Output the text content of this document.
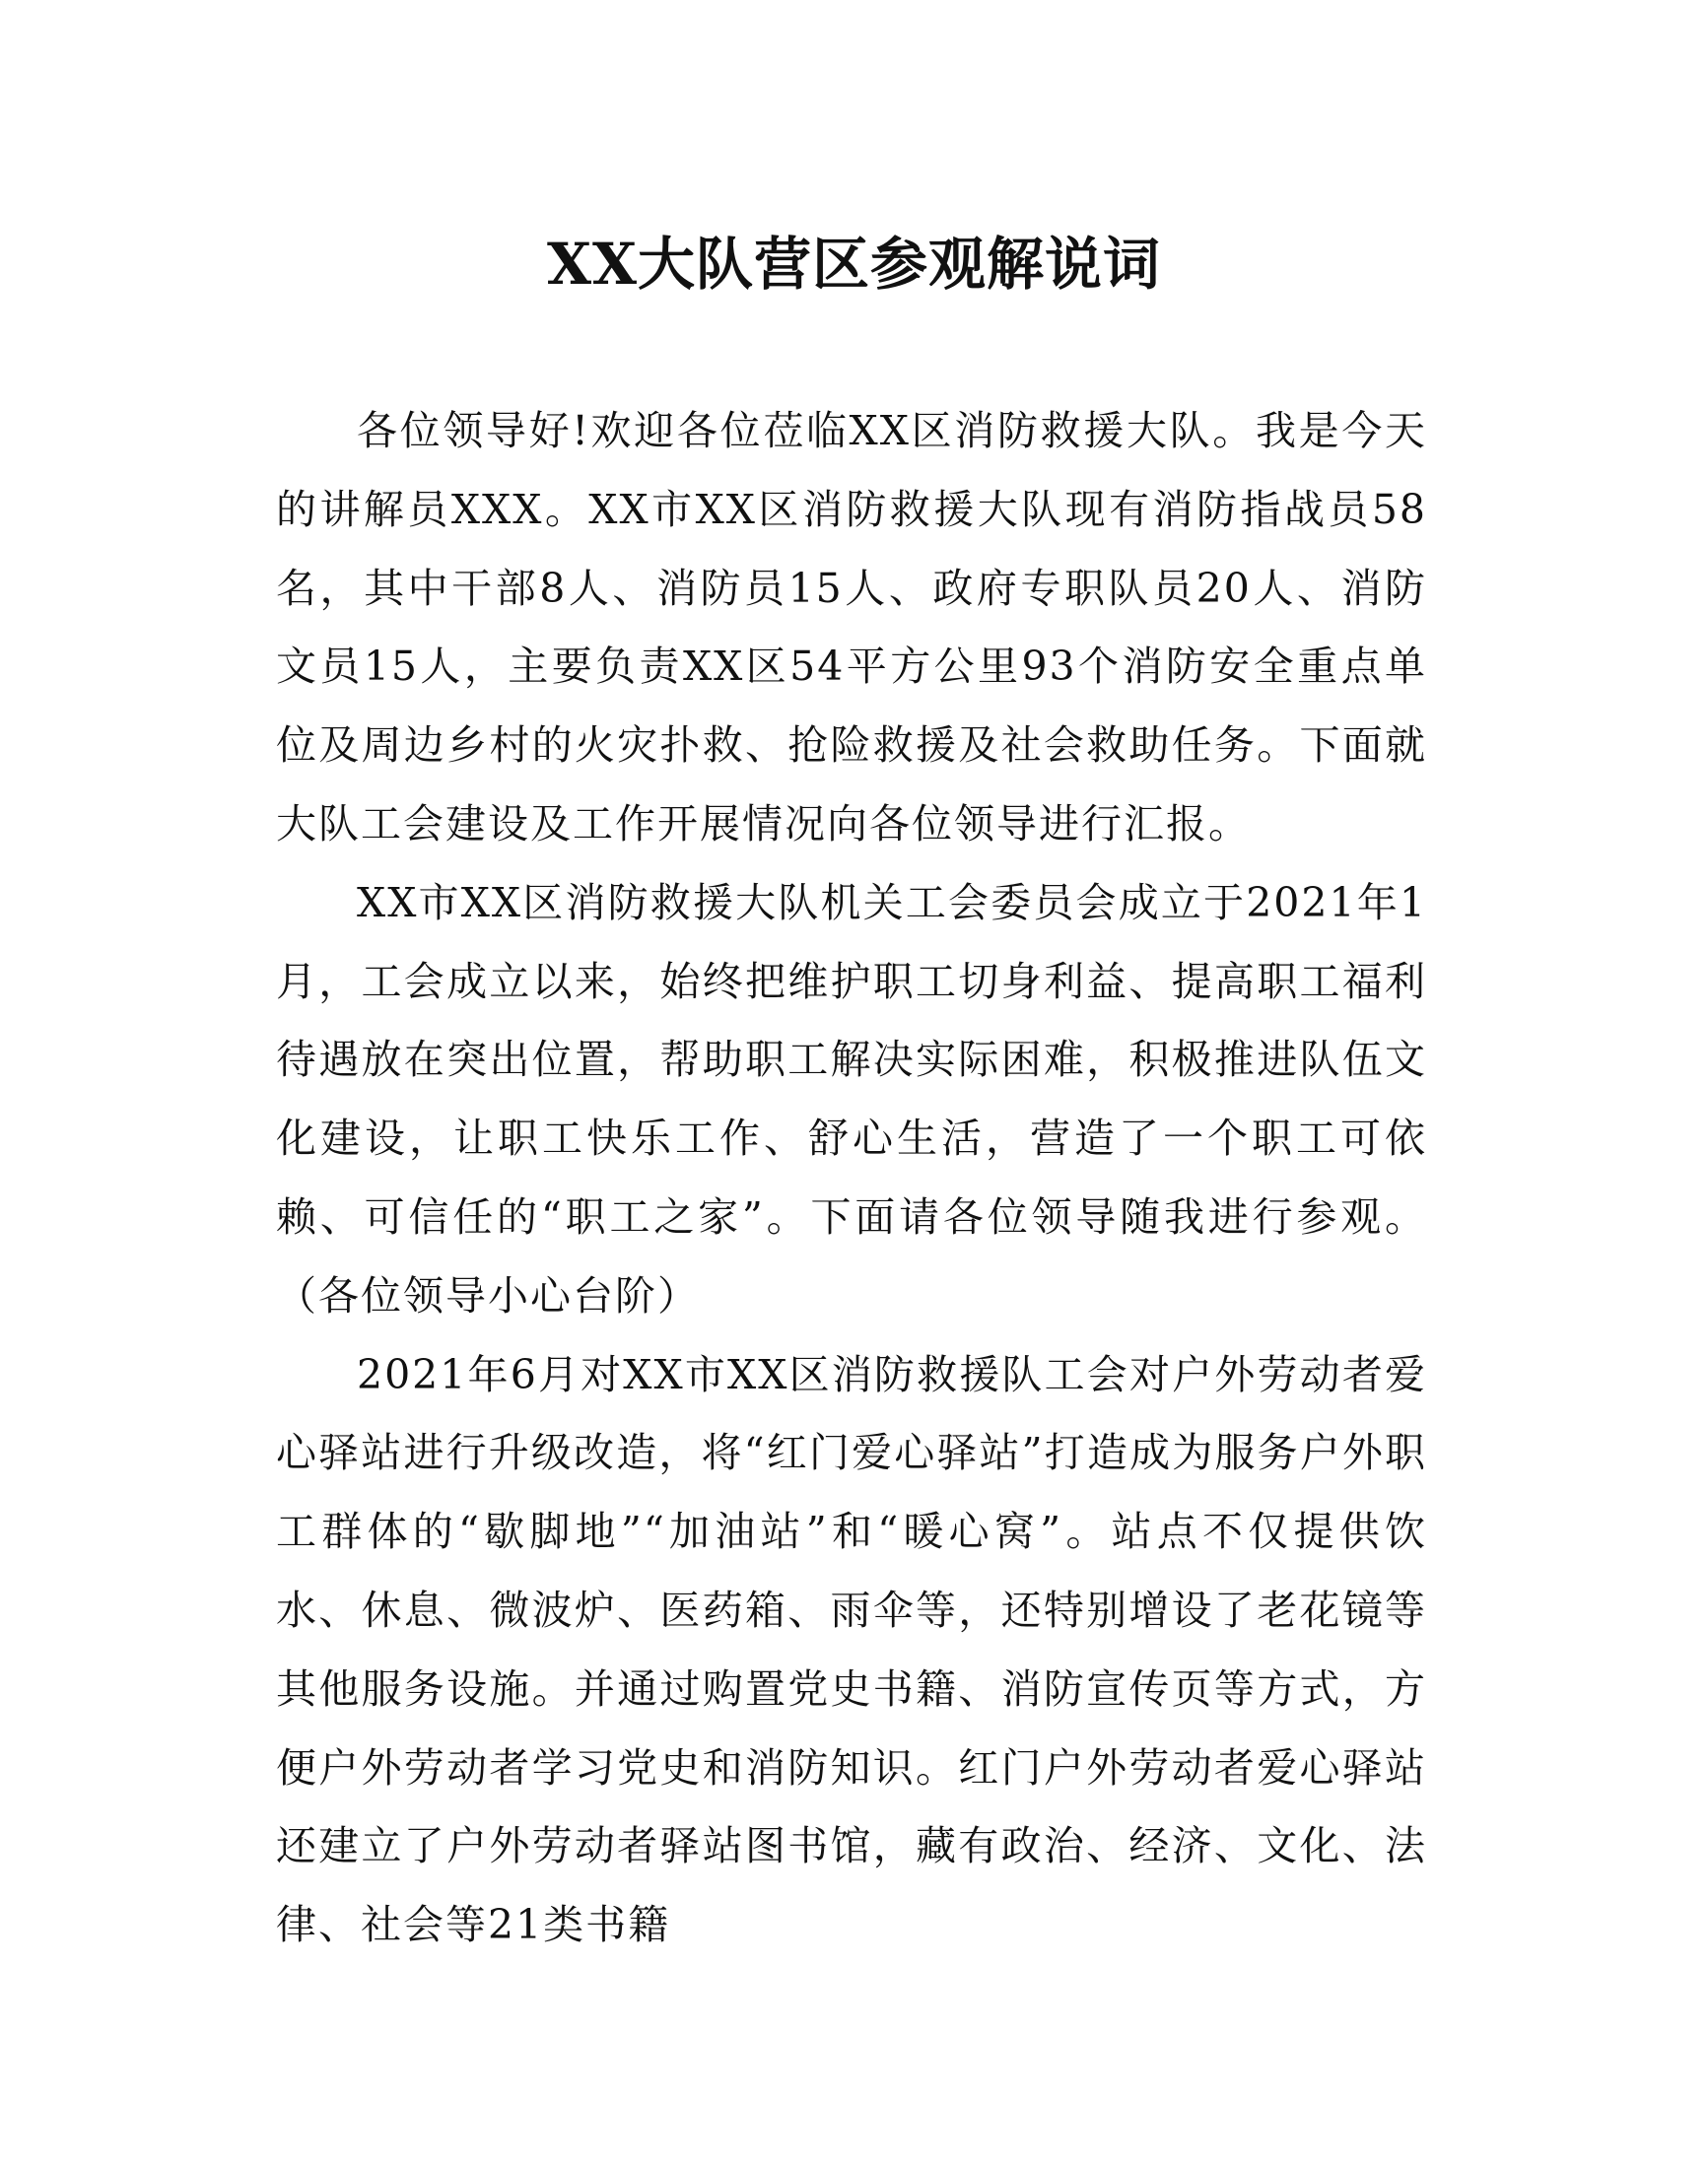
XX大队营区参观解说词

各位领导好!欢迎各位莅临XX区消防救援大队。我是今天的讲解员XXX。XX市XX区消防救援大队现有消防指战员58名，其中干部8人、消防员15人、政府专职队员20人、消防文员15人，主要负责XX区54平方公里93个消防安全重点单位及周边乡村的火灾扑救、抢险救援及社会救助任务。下面就大队工会建设及工作开展情况向各位领导进行汇报。

XX市XX区消防救援大队机关工会委员会成立于2021年1月，工会成立以来，始终把维护职工切身利益、提高职工福利待遇放在突出位置，帮助职工解决实际困难，积极推进队伍文化建设，让职工快乐工作、舒心生活，营造了一个职工可依赖、可信任的“职工之家”。下面请各位领导随我进行参观。（各位领导小心台阶）

2021年6月对XX市XX区消防救援队工会对户外劳动者爱心驿站进行升级改造，将“红门爱心驿站”打造成为服务户外职工群体的“歇脚地”“加油站”和“暖心窝”。站点不仅提供饮水、休息、微波炉、医药箱、雨伞等，还特别增设了老花镜等其他服务设施。并通过购置党史书籍、消防宣传页等方式，方便户外劳动者学习党史和消防知识。红门户外劳动者爱心驿站还建立了户外劳动者驿站图书馆，藏有政治、经济、文化、法律、社会等21类书籍
